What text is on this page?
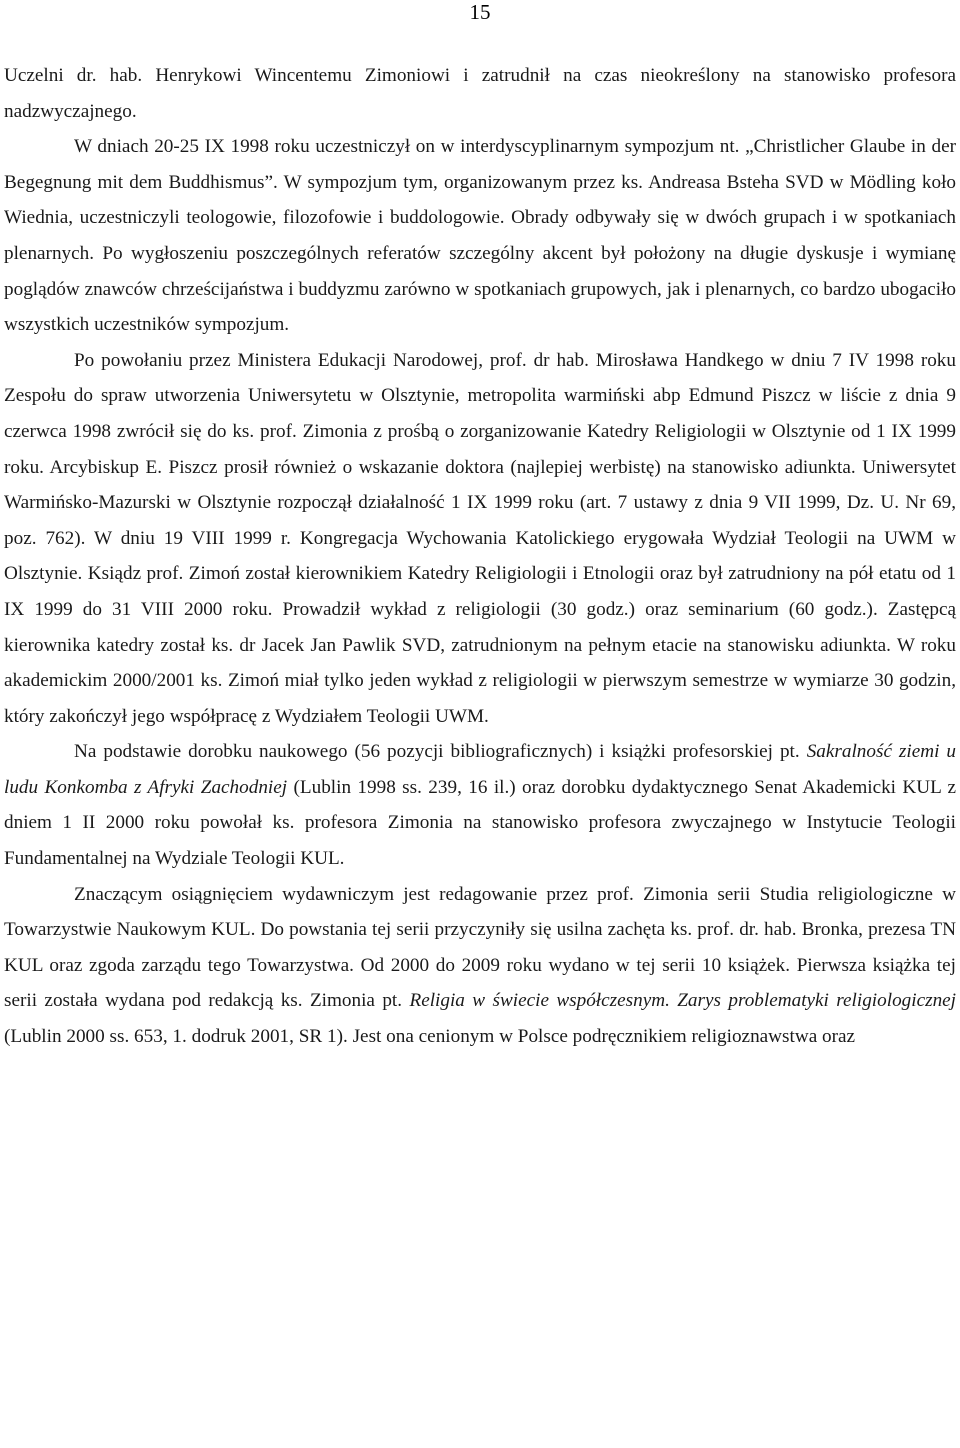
15

Uczelni dr. hab. Henrykowi Wincentemu Zimoniowi i zatrudnił na czas nieokreślony na stanowisko profesora nadzwyczajnego.

W dniach 20-25 IX 1998 roku uczestniczył on w interdyscyplinarnym sympozjum nt. „Christlicher Glaube in der Begegnung mit dem Buddhismus”. W sympozjum tym, organizowanym przez ks. Andreasa Bsteha SVD w Mödling koło Wiednia, uczestniczyli teologowie, filozofowie i buddologowie. Obrady odbywały się w dwóch grupach i w spotkaniach plenarnych. Po wygłoszeniu poszczególnych referatów szczególny akcent był położony na długie dyskusje i wymianę poglądów znawców chrześcijaństwa i buddyzmu zarówno w spotkaniach grupowych, jak i plenarnych, co bardzo ubogaciło wszystkich uczestników sympozjum.

Po powołaniu przez Ministera Edukacji Narodowej, prof. dr hab. Mirosława Handkego w dniu 7 IV 1998 roku Zespołu do spraw utworzenia Uniwersytetu w Olsztynie, metropolita warmiński abp Edmund Piszcz w liście z dnia 9 czerwca 1998 zwrócił się do ks. prof. Zimonia z prośbą o zorganizowanie Katedry Religiologii w Olsztynie od 1 IX 1999 roku. Arcybiskup E. Piszcz prosił również o wskazanie doktora (najlepiej werbistę) na stanowisko adiunkta. Uniwersytet Warmińsko-Mazurski w Olsztynie rozpoczął działalność 1 IX 1999 roku (art. 7 ustawy z dnia 9 VII 1999, Dz. U. Nr 69, poz. 762). W dniu 19 VIII 1999 r. Kongregacja Wychowania Katolickiego erygowała Wydział Teologii na UWM w Olsztynie. Ksiądz prof. Zimoń został kierownikiem Katedry Religiologii i Etnologii oraz był zatrudniony na pół etatu od 1 IX 1999 do 31 VIII 2000 roku. Prowadził wykład z religiologii (30 godz.) oraz seminarium (60 godz.). Zastępcą kierownika katedry został ks. dr Jacek Jan Pawlik SVD, zatrudnionym na pełnym etacie na stanowisku adiunkta. W roku akademickim 2000/2001 ks. Zimoń miał tylko jeden wykład z religiologii w pierwszym semestrze w wymiarze 30 godzin, który zakończył jego współpracę z Wydziałem Teologii UWM.

Na podstawie dorobku naukowego (56 pozycji bibliograficznych) i książki profesorskiej pt. Sakralność ziemi u ludu Konkomba z Afryki Zachodniej (Lublin 1998 ss. 239, 16 il.) oraz dorobku dydaktycznego Senat Akademicki KUL z dniem 1 II 2000 roku powołał ks. profesora Zimonia na stanowisko profesora zwyczajnego w Instytucie Teologii Fundamentalnej na Wydziale Teologii KUL.

Znaczącym osiągnięciem wydawniczym jest redagowanie przez prof. Zimonia serii Studia religiologiczne w Towarzystwie Naukowym KUL. Do powstania tej serii przyczyniły się usilna zachęta ks. prof. dr. hab. Bronka, prezesa TN KUL oraz zgoda zarządu tego Towarzystwa. Od 2000 do 2009 roku wydano w tej serii 10 książek. Pierwsza książka tej serii została wydana pod redakcją ks. Zimonia pt. Religia w świecie współczesnym. Zarys problematyki religiologicznej (Lublin 2000 ss. 653, 1. dodruk 2001, SR 1). Jest ona cenionym w Polsce podręcznikiem religioznawstwa oraz
